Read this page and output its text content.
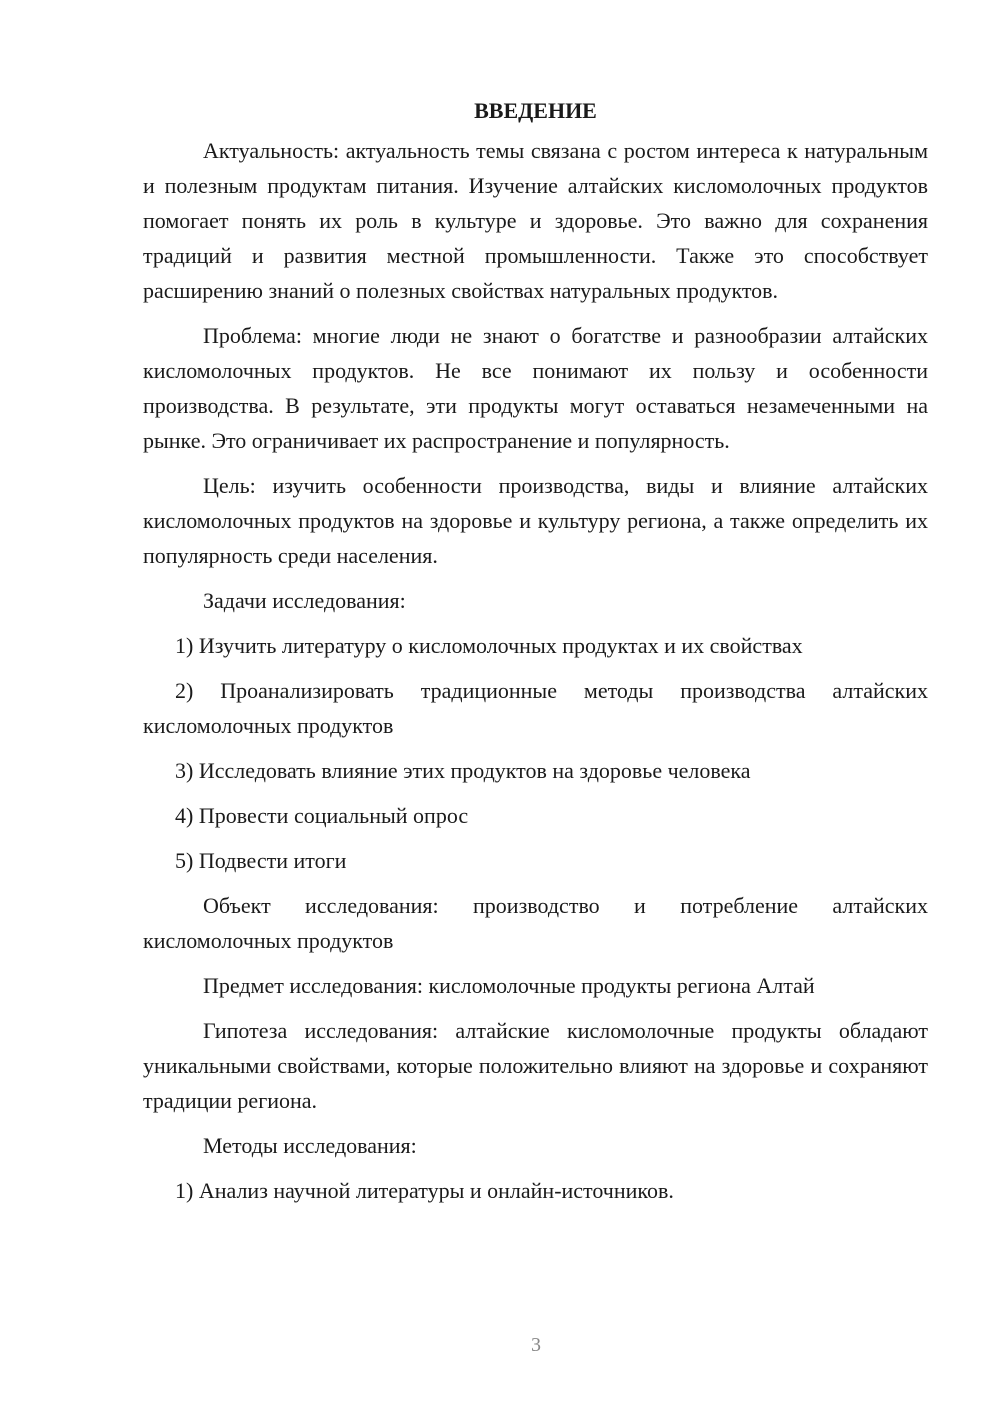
ВВЕДЕНИЕ

Актуальность: актуальность темы связана с ростом интереса к натуральным и полезным продуктам питания. Изучение алтайских кисломолочных продуктов помогает понять их роль в культуре и здоровье. Это важно для сохранения традиций и развития местной промышленности. Также это способствует расширению знаний о полезных свойствах натуральных продуктов.

Проблема: многие люди не знают о богатстве и разнообразии алтайских кисломолочных продуктов. Не все понимают их пользу и особенности производства. В результате, эти продукты могут оставаться незамеченными на рынке. Это ограничивает их распространение и популярность.

Цель: изучить особенности производства, виды и влияние алтайских кисломолочных продуктов на здоровье и культуру региона, а также определить их популярность среди населения.

Задачи исследования:

1) Изучить литературу о кисломолочных продуктах и их свойствах

2) Проанализировать традиционные методы производства алтайских кисломолочных продуктов

3) Исследовать влияние этих продуктов на здоровье человека

4) Провести социальный опрос

5) Подвести итоги

Объект исследования: производство и потребление алтайских кисломолочных продуктов

Предмет исследования: кисломолочные продукты региона Алтай

Гипотеза исследования: алтайские кисломолочные продукты обладают уникальными свойствами, которые положительно влияют на здоровье и сохраняют традиции региона.

Методы исследования:

1) Анализ научной литературы и онлайн-источников.

3
